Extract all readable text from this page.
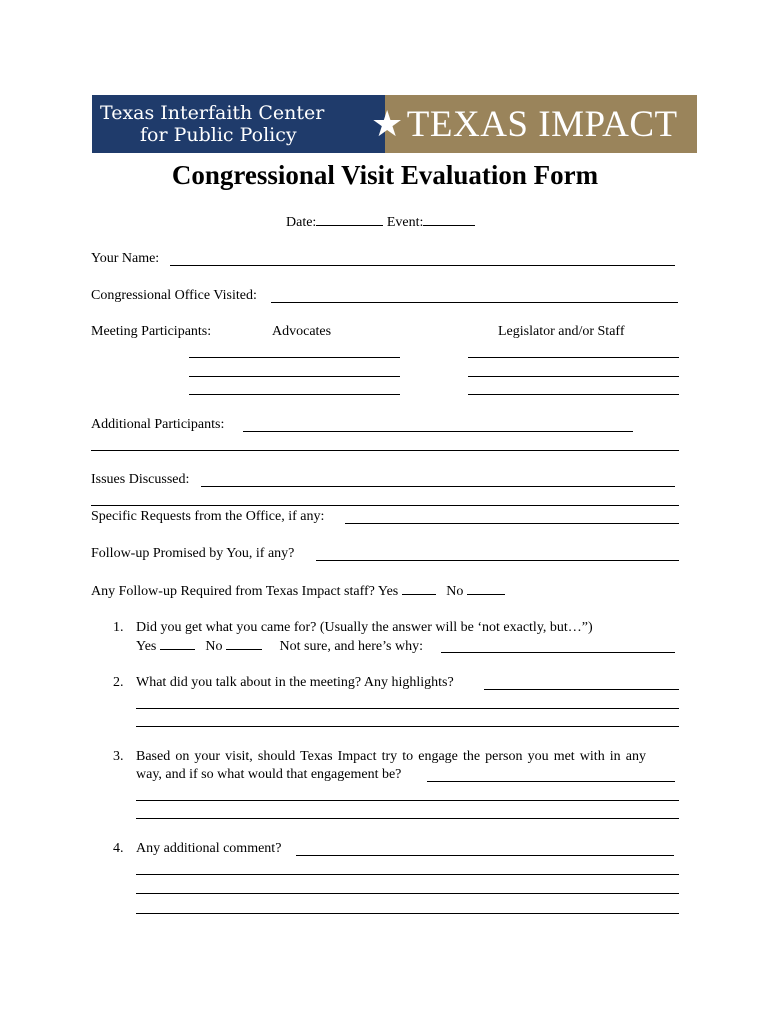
Texas Interfaith Center
for Public Policy	★ TEXAS IMPACT
Congressional Visit Evaluation Form
Date:	Event:
Your Name:
Congressional Office Visited:
Meeting Participants:	Advocates	Legislator and/or Staff
Additional Participants:
Issues Discussed:
Specific Requests from the Office, if any:
Follow-up Promised by You, if any?
Any Follow-up Required from Texas Impact staff? Yes	No
1. Did you get what you came for? (Usually the answer will be ‘not exactly, but…”)
Yes	No	Not sure, and here’s why:
2. What did you talk about in the meeting? Any highlights?
3. Based on your visit, should Texas Impact try to engage the person you met with in any
way, and if so what would that engagement be?
4. Any additional comment?
